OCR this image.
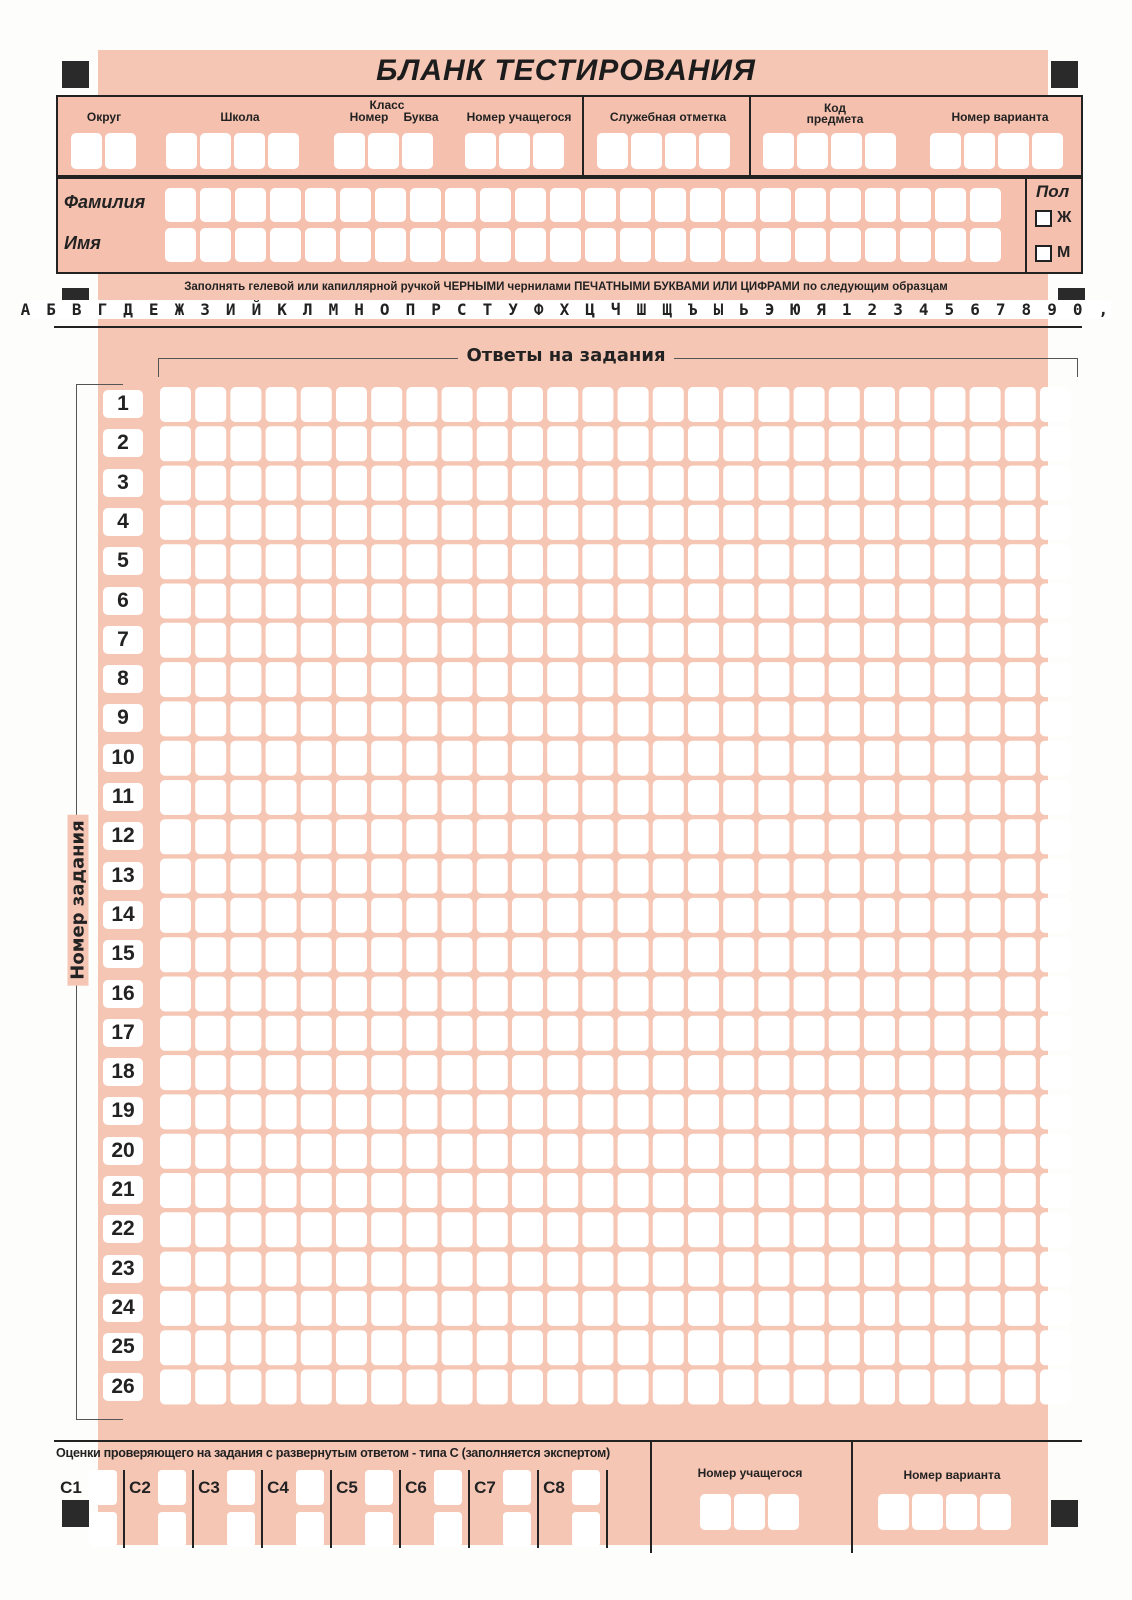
БЛАНК ТЕСТИРОВАНИЯ
Округ	Школа
Класс
Номер	Буква	Номер учащегося	Служебная отметка
Код
предмета	Номер варианта
Фамилия
Имя
Пол
Ж
М
Заполнять гелевой или капиллярной ручкой ЧЕРНЫМИ чернилами ПЕЧАТНЫМИ БУКВАМИ ИЛИ ЦИФРАМИ по следующим образцам
А Б В Г Д Е Ж З И Й К Л М Н О П Р С Т У Ф Х Ц Ч Ш Щ Ъ Ы Ь Э Ю Я 1 2 3 4 5 6 7 8 9 0 ,
Ответы на задания
Номер задания
1
2
3
4
5
6
7
8
9
10
11
12
13
14
15
16
17
18
19
20
21
22
23
24
25
26
Оценки проверяющего на задания с развернутым ответом - типа С (заполняется экспертом)
Номер учащегося	Номер варианта
C1	C2	C3	C4	C5	C6	C7	C8
